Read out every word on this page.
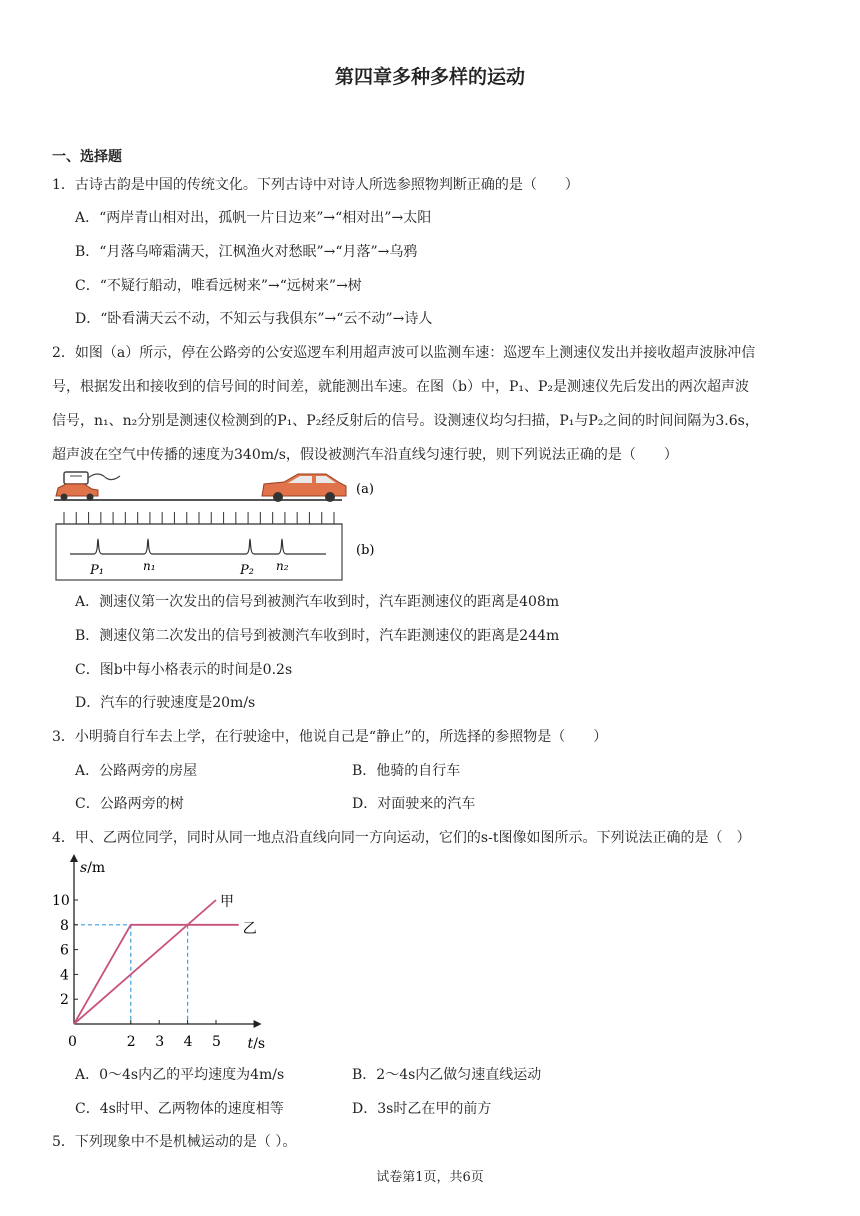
第四章多种多样的运动
一、选择题
1．古诗古韵是中国的传统文化。下列古诗中对诗人所选参照物判断正确的是（　　）
A．“两岸青山相对出，孤帆一片日边来”→“相对出”→太阳
B．“月落乌啼霜满天，江枫渔火对愁眠”→“月落”→乌鸦
C．“不疑行船动，唯看远树来”→“远树来”→树
D．“卧看满天云不动，不知云与我俱东”→“云不动”→诗人
2．如图（a）所示，停在公路旁的公安巡逻车利用超声波可以监测车速：巡逻车上测速仪发出并接收超声波脉冲信
号，根据发出和接收到的信号间的时间差，就能测出车速。在图（b）中，P₁、P₂是测速仪先后发出的两次超声波
信号，n₁、n₂分别是测速仪检测到的P₁、P₂经反射后的信号。设测速仪均匀扫描，P₁与P₂之间的时间间隔为3.6s，
超声波在空气中传播的速度为340m/s，假设被测汽车沿直线匀速行驶，则下列说法正确的是（　　）
(a)
P₁	n₁	P₂ n₂
(b)
A．测速仪第一次发出的信号到被测汽车收到时，汽车距测速仪的距离是408m
B．测速仪第二次发出的信号到被测汽车收到时，汽车距测速仪的距离是244m
C．图b中每小格表示的时间是0.2s
D．汽车的行驶速度是20m/s
3．小明骑自行车去上学，在行驶途中，他说自己是“静止”的，所选择的参照物是（　　）
A．公路两旁的房屋	B．他骑的自行车
C．公路两旁的树	D．对面驶来的汽车
4．甲、乙两位同学，同时从同一地点沿直线向同一方向运动，它们的s-t图像如图所示。下列说法正确的是（　）
2 3 4 5
2
4
6
8
10	甲
乙
s/m
t/s
0
A．0～4s内乙的平均速度为4m/s	B．2～4s内乙做匀速直线运动
C．4s时甲、乙两物体的速度相等	D．3s时乙在甲的前方
5．下列现象中不是机械运动的是（ ）。
试卷第1页，共6页
